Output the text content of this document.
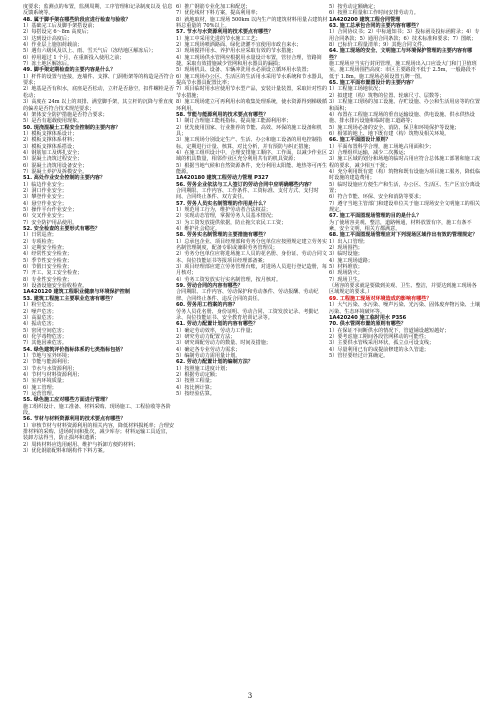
度要求；监测点的布置，监测周期，工序管理和记录制度以及 信息反馈系统等。
48. 属于脚手架在哪些阶段应进行检查与验收？
1）基础完工后及脚手架搭设前；
2）每搭设完 6～8m 高度后；
3）达到设计高度后；
4）作业层上施加荷载前；
5）遇有六级风及以上、雨、雪天气后（冻结地区解冻后）；
6）停用超过 1 个月，在重新投入使用之前；
7）冻土地区解冻后。
49. 脚手架定期检查的主要内容是什么？
1）杆件的设置与连接，连墙件、支撑、门洞桁架等的构造是否符合要求；
2）地基是否有积水，底座是否松动，立杆是否悬空，扣件螺栓是否松动；
3）高度在 24m 以上的双排、满堂脚手架，其立杆的沉降与垂直度的偏差是否符合技术规范要求；
4）架体安全防护措施是否符合要求；
5）是否有超载使用现象。
50. 现浇混凝土工程安全控制的主要内容？
1）模板支撑体系设计；
2）模板支撑体系材料；
3）模板支撑体系搭设；
4）钢筋加工及绑扎安全；
5）混凝土浇筑过程安全；
6）混凝土浇筑用设备安全；
7）混凝土养护及拆模安全。
51. 高处作业安全控制的主要内容？
1）临边作业安全；
2）洞口作业安全；
3）攀登作业安全；
4）悬空作业安全；
5）操作平台作业安全；
6）交叉作业安全；
7）安全防护用品使用。
52. 安全检查的主要形式有哪些？
1）日常巡查；
2）专项检查；
3）定期安全检查；
4）经常性安全检查；
5）季节性安全检查；
6）节假日安全检查；
7）开工、复工安全检查；
8）专业性安全检查；
9）设备设施安全验收检查。
1A420120 建筑工程职业健康与环境保护控制
53. 建筑工程施工主要职业危害有哪些？
1）粉尘危害；
2）噪声危害；
3）高温危害；
4）振动危害；
5）密闭空间危害；
6）化学毒物危害；
7）其他因素危害。
54. 绿色建筑评价指标体系的七类指标包括？
1）节地与室外环境；
2）节能与能源利用；
3）节水与水资源利用；
4）节材与材料资源利用；
5）室内环境质量；
6）施工管理；
7）运营管理。
55. 绿色施工应对哪些方面进行管理？
施工组织设计、施工准备、材料采购、现场施工、工程验收等各阶段。
56. 节材与材料资源利用的技术要点有哪些？
1）审核节材与材料资源利用的相关内容，降低材料损耗率；合理安排材料的采购、进场时间和批次，减少库存；材料运输工具适宜，装卸方法得当，防止损坏和遗洒；
2）周转材料应选用耐用、维护与拆卸方便的材料；
3）优化钢筋配料和钢构件下料方案。
6）推广钢筋专业化加工和配送；
7）优化线材下料方案，提高利用率；
8）就地取材，施工现场 500km 以内生产的建筑材料用量占建筑材料总重量的 70%以上。
57. 节水与水资源利用的技术要点有哪些？
1）施工中采用先进的节水施工工艺；
2）施工现场喷洒路面、绿化浇灌不宜使用市政自来水；
3）现场搅拌用水、养护用水应采取有效的节水措施；
4）施工现场供水管网应根据用水量设计布置，管径合理，管路简捷，采取有效措施减少管网和用水器具的漏损；
5）现场机具、设备、车辆冲洗用水必须设立循环用水装置；
6）施工现场办公区、生活区的生活用水采用节水系统和节水器具，提高节水器具配置比率；
7）项目临时用水应使用节水型产品，安装计量装置，采取针对性的节水措施；
8）施工现场建立可再利用水的收集处理系统，使水资源得到梯级循环利用。
58. 节能与能源利用的技术要点有哪些？
1）制订合理施工能耗指标，提高施工能源利用率；
2）优先使用国家、行业推荐的节能、高效、环保的施工设备和机具；
3）施工现场分别设定生产、生活、办公和施工设备的用电控制指标，定期进行计量、核算、对比分析，并有预防与纠正措施；
4）在施工组织设计中，合理安排施工顺序、工作面，以减少作业区域的机具数量，相邻作业区充分利用共有的机具资源；
5）根据当地气候和自然资源条件，充分利用太阳能、地热等可再生能源。
1A420180 建筑工程劳动力管理 P327
56. 劳务企业依法与工人签订的劳动合同中应明确哪些内容？
合同期限、工作内容、工作条件、工资标准、支付方式、支付时间、合同终止条件、双方责任。
57. 劳务人员实名制管理的作用是什么？
1）规范用工行为，维护劳动者合法权益；
2）实现动态管理，掌握劳务人员基本情况；
3）为工资发放提供依据，防止拖欠农民工工资；
4）维护社会稳定。
58. 劳务实名制管理的主要措施有哪些？
1）总承包企业、项目经理部和劳务分包单位应按照规定建立劳务实名制管理制度，配备专职或兼职劳务管理员；
2）劳务分包单位应将进场施工人员的花名册、身份证、劳动合同文本、岗位技能证书等报项目经理部备案；
3）项目经理部应建立劳务管理台账，对进场人员进行登记造册，每月核对；
4）劳务工资发放实行实名制管理，按月核对。
59. 劳动合同的内容有哪些？
合同期限、工作内容、劳动保护和劳动条件、劳动报酬、劳动纪律、合同终止条件、违反合同的责任。
60. 劳务用工档案的内容？
劳务人员花名册、身份证明、劳动合同、工资发放记录、考勤记录、岗位技能证书、安全教育培训记录等。
61. 劳动力配置计划的内容有哪些？
1）确定劳动效率，劳动力工作量；
2）研究劳动力配置方法；
3）研究调配劳动力的数量、时间及措施；
4）确定各专业劳动力需求；
5）编制劳动力需用量计划。
62. 劳动力配置计划的编制方法？
1）按照施工进度计划；
2）根据劳动定额；
3）按照工程量；
4）按比例计算；
5）按经验估算。
5）按劳动定额确定；
6）按照工程量和工作时间安排劳动力。
1A420200 建筑工程合同管理
63. 施工总承包合同的主要内容有哪些？
1）合同协议书；2）中标通知书；3）投标函及投标函附录；4）专用合同条款；5）通用合同条款；6）技术标准和要求；7）图纸；8）已标价工程量清单；9）其他合同文件。
64. 施工现场的安全、文明施工与环境保护管理的主要内容有哪些？
施工现场应当实行封闭管理，施工现场出入口应设大门和门卫值班室，施工现场围挡高度：市区主要路段不低于 2.5m，一般路段不低于 1.8m。施工现场必须设置五牌一图。
65. 施工平面布置图设计的主要内容？
1）工程施工场地状况；
2）拟建建（构）筑物的位置、轮廓尺寸、层数等；
3）工程施工现场的加工设施、存贮设施、办公和生活用房等的位置和面积；
4）布置在工程施工现场的垂直运输设施、供电设施、供水供热设施、排水排污设施和临时施工道路等；
5）施工现场必备的安全、消防、保卫和环境保护等设施；
6）相邻的地上、地下既有建（构）筑物及相关环境。
66. 施工平面图设计原则？
1）平面布置科学合理，施工场地占用面积少；
2）合理组织运输，减少二次搬运；
3）施工区域的划分和场地的临时占用应符合总体施工部署和施工流程的要求，减少相互干扰；
4）充分利用既有建（构）筑物和既有设施为项目施工服务，降低临时设施的建造费用；
5）临时设施应方便生产和生活，办公区、生活区、生产区宜分离设置；
6）符合节能、环保、安全和消防等要求；
7）遵守当地主管部门和建设单位关于施工现场安全文明施工的相关规定。
67. 施工平面图现场管理的目的是什么？
为了使场容美观、整洁，道路畅通，材料放置有序，施工有条不紊，安全文明，相关方都满意。
68. 施工平面图现场管理应对下列现场区域作出有效的管理规定？
1）出入口管理；
2）现场围挡；
3）临时设施；
4）施工现场道路；
5）材料堆放；
6）现场防火；
7）现场卫生。
（场容的要求就是要做到美观、卫生、整洁，并要达到施工现场各区域规定的要求。）
69. 工程施工现场对环境造成的影响有哪些？
1）大气污染、水污染、噪声污染、光污染、固体废弃物污染、土壤污染、生态环境破坏等。
1A420240 施工临时用水 P356
70. 供水管网布置的原则有哪些？
1）在保证不间断供水的情况下，管道铺设越短越好；
2）要考虑施工期间各段管网移动的可能性；
3）主要供水管线采用环状，孤立点可设支线；
4）尽量利用已有的或提前修建的永久管道；
5）管径要经过计算确定。
3
